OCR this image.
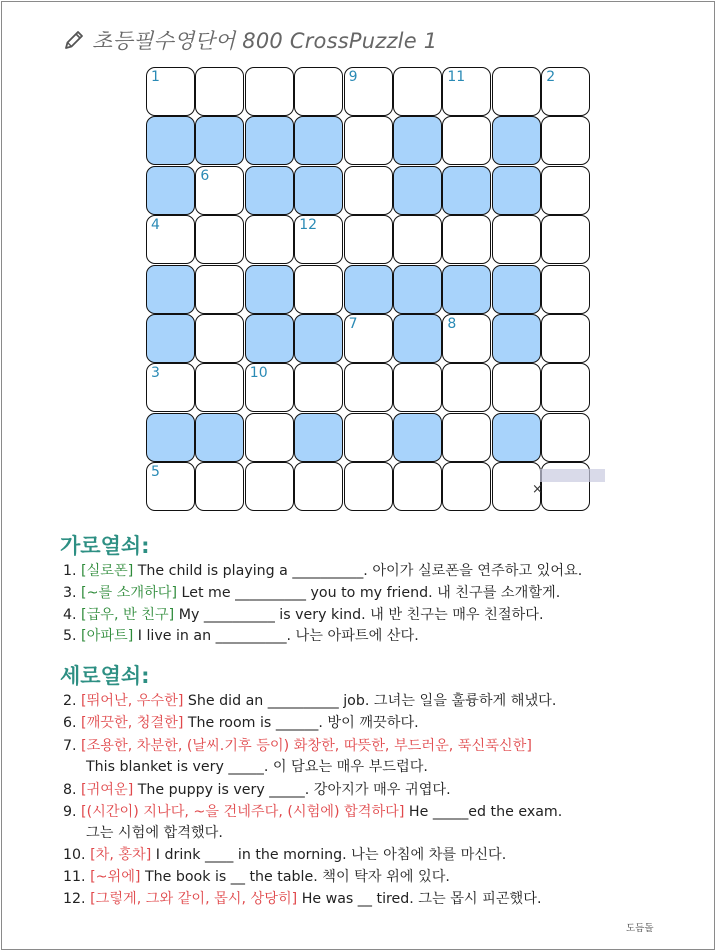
초등필수영단어 800 CrossPuzzle 1
1	9	11	2
6
4	12
7	8
3	10
5
×
가로열쇠:
1. [실로폰] The child is playing a __________. 아이가 실로폰을 연주하고 있어요.
3. [~를 소개하다] Let me __________ you to my friend. 내 친구를 소개할게.
4. [급우, 반 친구] My __________ is very kind. 내 반 친구는 매우 친절하다.
5. [아파트] I live in an __________. 나는 아파트에 산다.
세로열쇠:
2. [뛰어난, 우수한] She did an __________ job. 그녀는 일을 훌륭하게 해냈다.
6. [깨끗한, 청결한] The room is ______. 방이 깨끗하다.
7. [조용한, 차분한, (날씨.기후 등이) 화창한, 따뜻한, 부드러운, 푹신푹신한]
This blanket is very _____. 이 담요는 매우 부드럽다.
8. [귀여운] The puppy is very _____. 강아지가 매우 귀엽다.
9. [(시간이) 지나다, ~을 건네주다, (시험에) 합격하다] He _____ed the exam.
그는 시험에 합격했다.
10. [차, 홍차] I drink ____ in the morning. 나는 아침에 차를 마신다.
11. [~위에] The book is __ the table. 책이 탁자 위에 있다.
12. [그렇게, 그와 같이, 몹시, 상당히] He was __ tired. 그는 몹시 피곤했다.
도듬돌
